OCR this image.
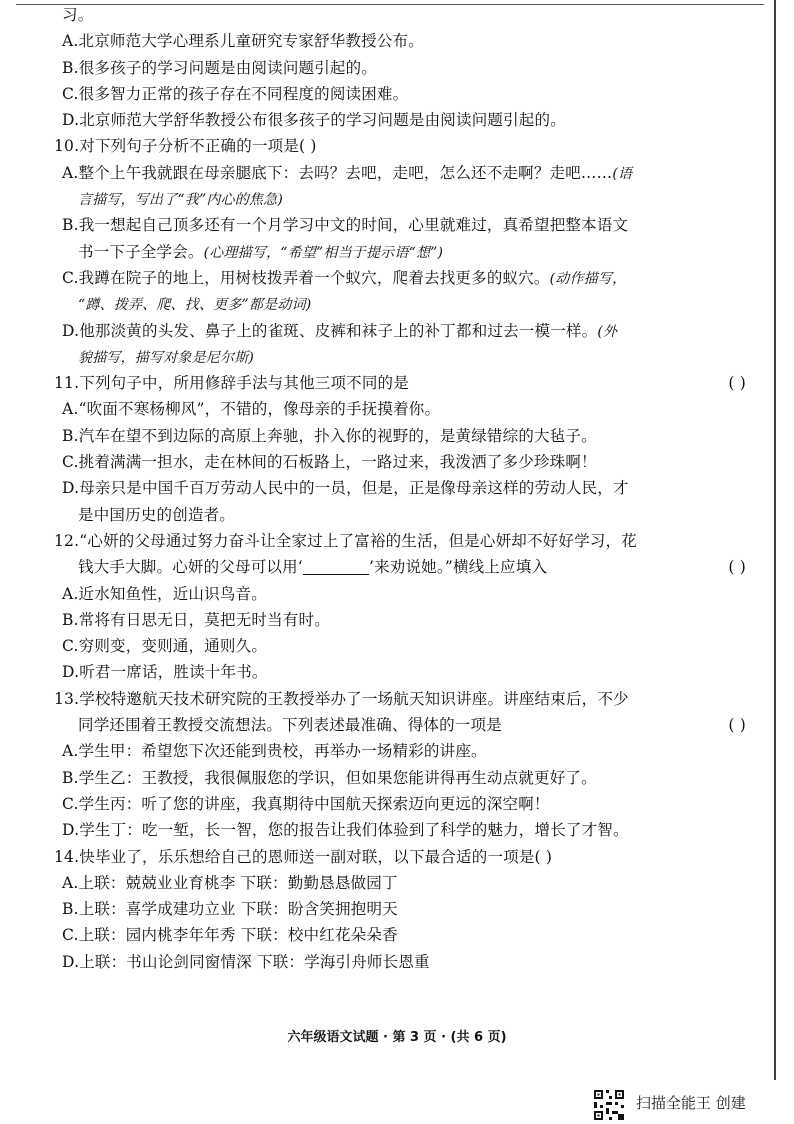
习。
A.北京师范大学心理系儿童研究专家舒华教授公布。
B.很多孩子的学习问题是由阅读问题引起的。
C.很多智力正常的孩子存在不同程度的阅读困难。
D.北京师范大学舒华教授公布很多孩子的学习问题是由阅读问题引起的。
10.对下列句子分析不正确的一项是( )
A.整个上午我就跟在母亲腿底下：去吗？去吧，走吧，怎么还不走啊？走吧……(语
言描写，写出了“我”内心的焦急)
B.我一想起自己顶多还有一个月学习中文的时间，心里就难过，真希望把整本语文
书一下子全学会。(心理描写，“希望”相当于提示语“想”)
C.我蹲在院子的地上，用树枝拨弄着一个蚁穴，爬着去找更多的蚁穴。(动作描写，
“蹲、拨弄、爬、找、更多”都是动词)
D.他那淡黄的头发、鼻子上的雀斑、皮裤和袜子上的补丁都和过去一模一样。(外
貌描写，描写对象是尼尔斯)
11.下列句子中，所用修辞手法与其他三项不同的是	( )
A.“吹面不寒杨柳风”，不错的，像母亲的手抚摸着你。
B.汽车在望不到边际的高原上奔驰，扑入你的视野的，是黄绿错综的大毡子。
C.挑着满满一担水，走在林间的石板路上，一路过来，我泼洒了多少珍珠啊！
D.母亲只是中国千百万劳动人民中的一员，但是，正是像母亲这样的劳动人民，才
是中国历史的创造者。
12.“心妍的父母通过努力奋斗让全家过上了富裕的生活，但是心妍却不好好学习，花
钱大手大脚。心妍的父母可以用‘	’来劝说她。”横线上应填入	( )
A.近水知鱼性，近山识鸟音。
B.常将有日思无日，莫把无时当有时。
C.穷则变，变则通，通则久。
D.听君一席话，胜读十年书。
13.学校特邀航天技术研究院的王教授举办了一场航天知识讲座。讲座结束后，不少
同学还围着王教授交流想法。下列表述最准确、得体的一项是	( )
A.学生甲：希望您下次还能到贵校，再举办一场精彩的讲座。
B.学生乙：王教授，我很佩服您的学识，但如果您能讲得再生动点就更好了。
C.学生丙：听了您的讲座，我真期待中国航天探索迈向更远的深空啊！
D.学生丁：吃一堑，长一智，您的报告让我们体验到了科学的魅力，增长了才智。
14.快毕业了，乐乐想给自己的恩师送一副对联，以下最合适的一项是( )
A.上联：兢兢业业育桃李 下联：勤勤恳恳做园丁
B.上联：喜学成建功立业 下联：盼含笑拥抱明天
C.上联：园内桃李年年秀 下联：校中红花朵朵香
D.上联：书山论剑同窗情深 下联：学海引舟师长恩重
六年级语文试题 · 第 3 页 · (共 6 页)
扫描全能王 创建
